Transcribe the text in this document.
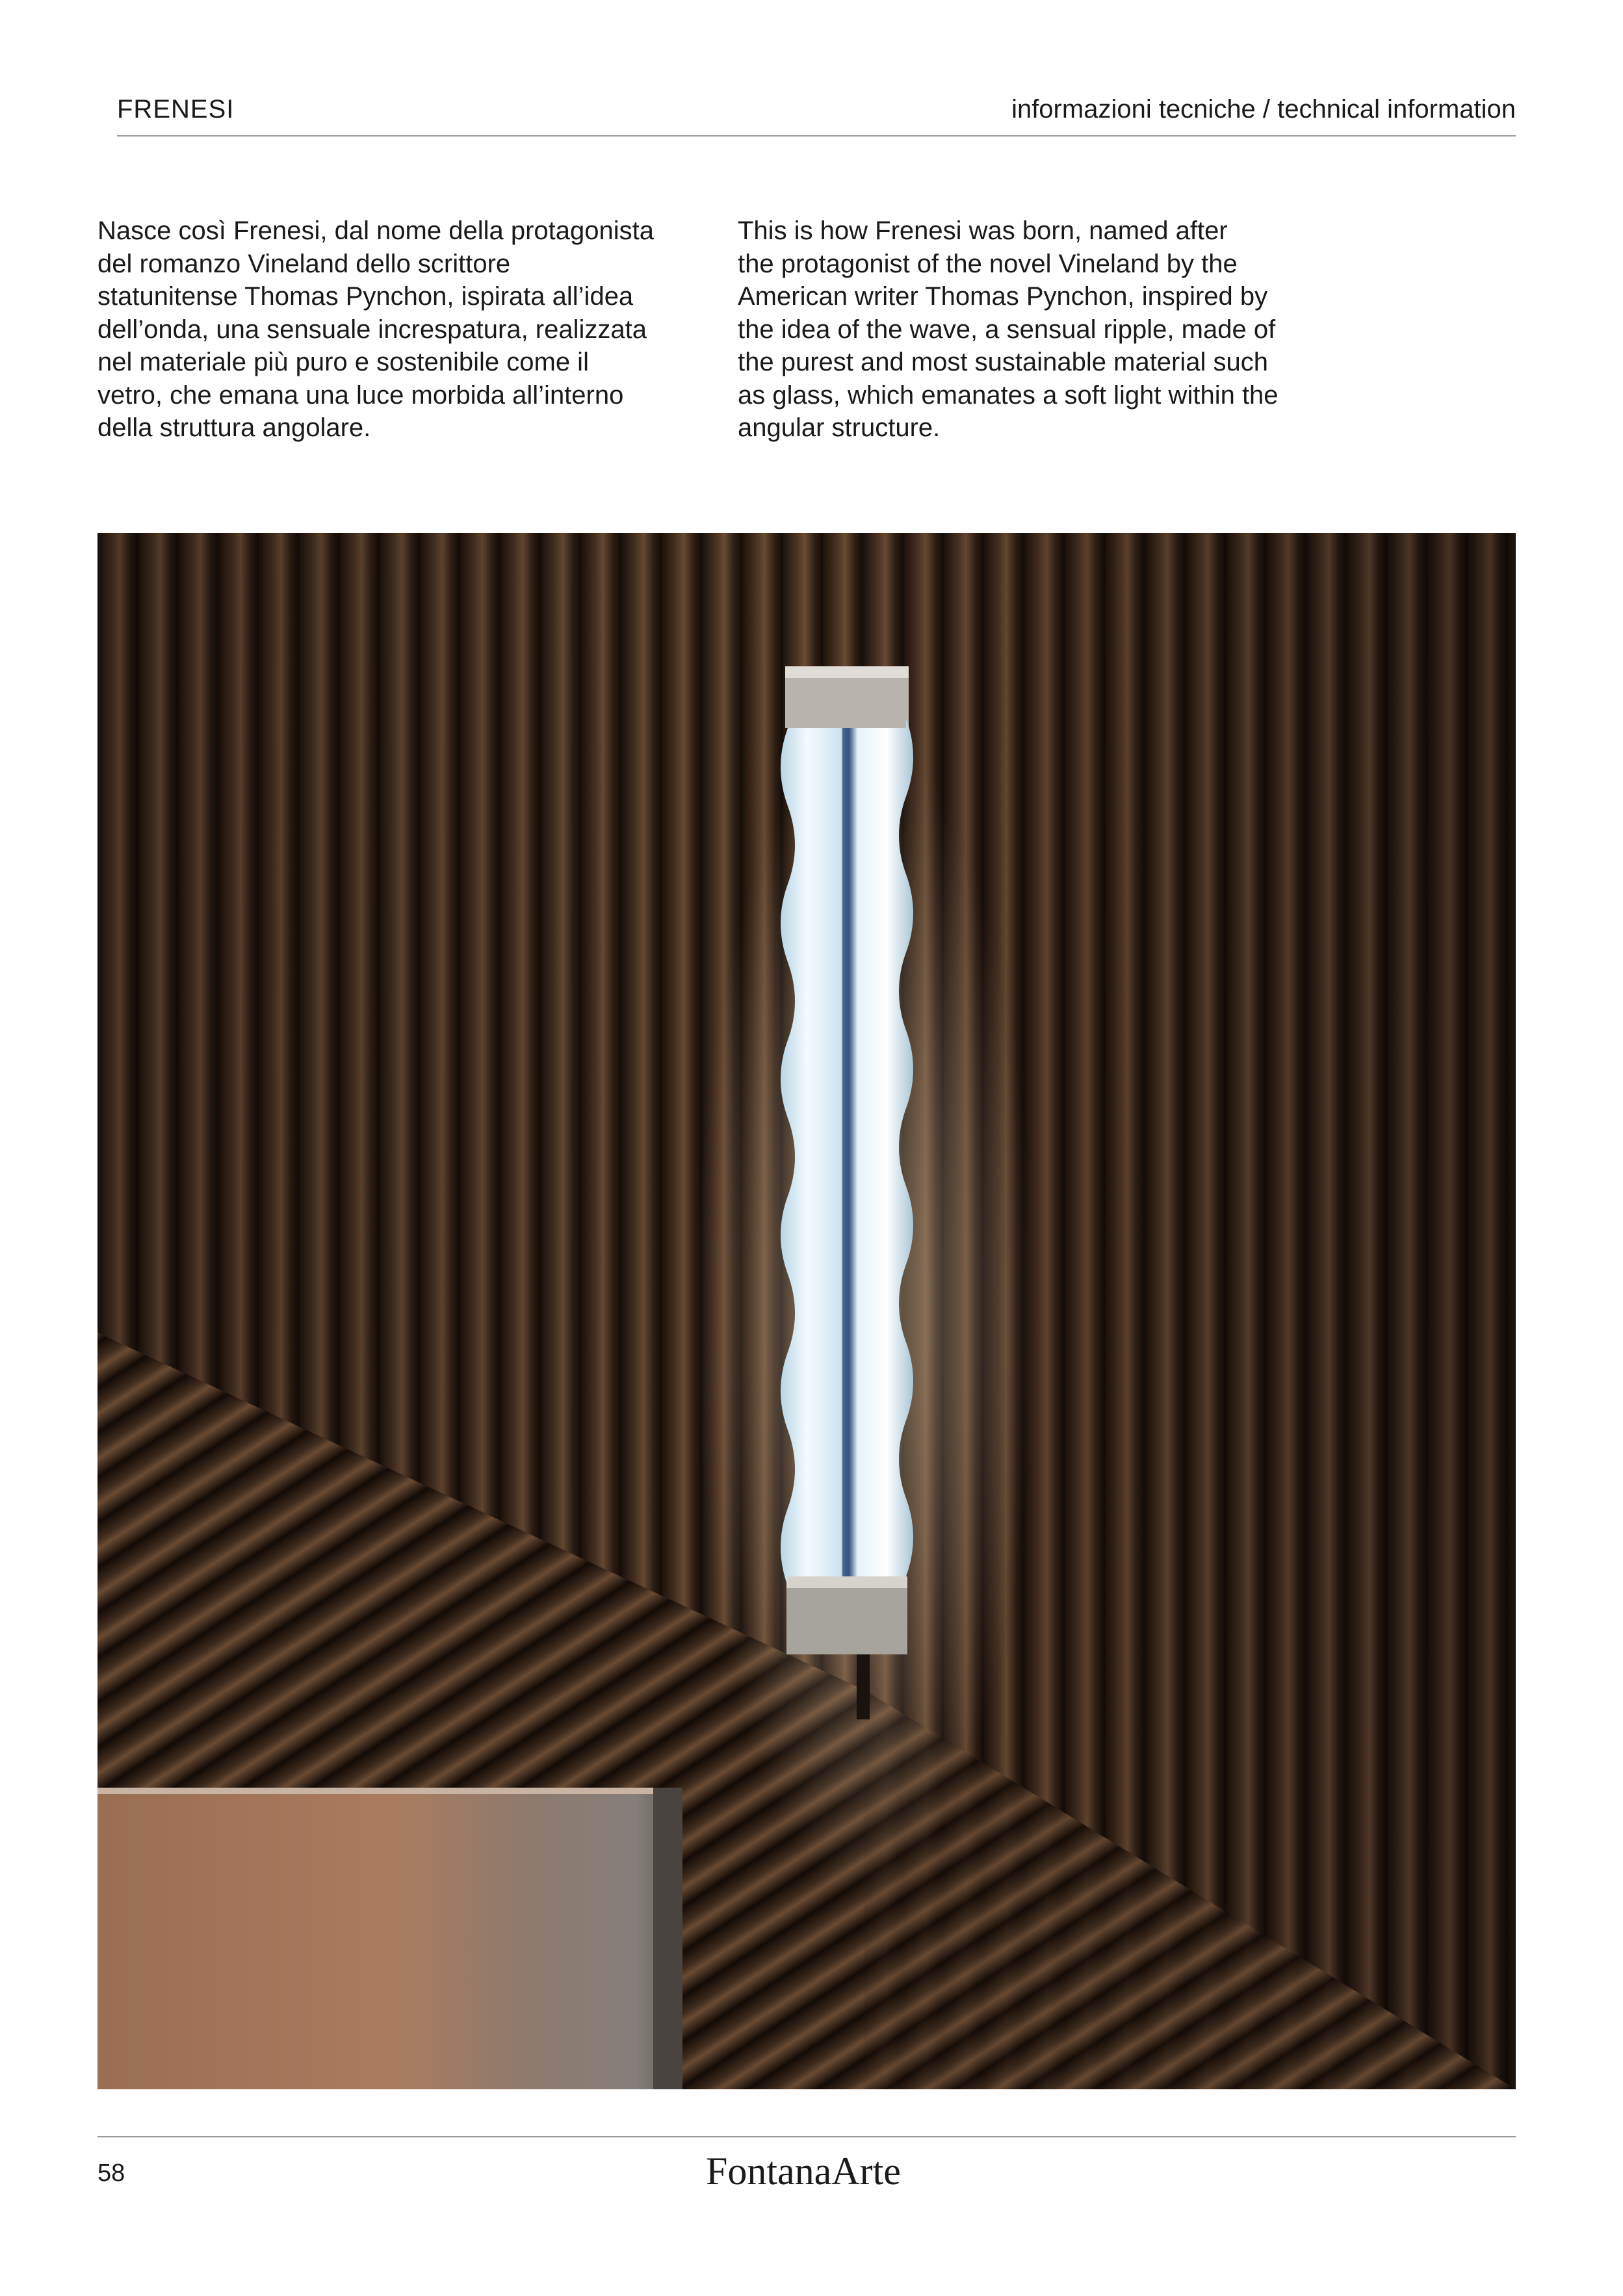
FRENESI	informazioni tecniche / technical information
Nasce così Frenesi, dal nome della protagonista
del romanzo Vineland dello scrittore
statunitense Thomas Pynchon, ispirata all’idea
dell’onda, una sensuale increspatura, realizzata
nel materiale più puro e sostenibile come il
vetro, che emana una luce morbida all’interno
della struttura angolare.
This is how Frenesi was born, named after
the protagonist of the novel Vineland by the
American writer Thomas Pynchon, inspired by
the idea of the wave, a sensual ripple, made of
the purest and most sustainable material such
as glass, which emanates a soft light within the
angular structure.
58	FontanaArte
